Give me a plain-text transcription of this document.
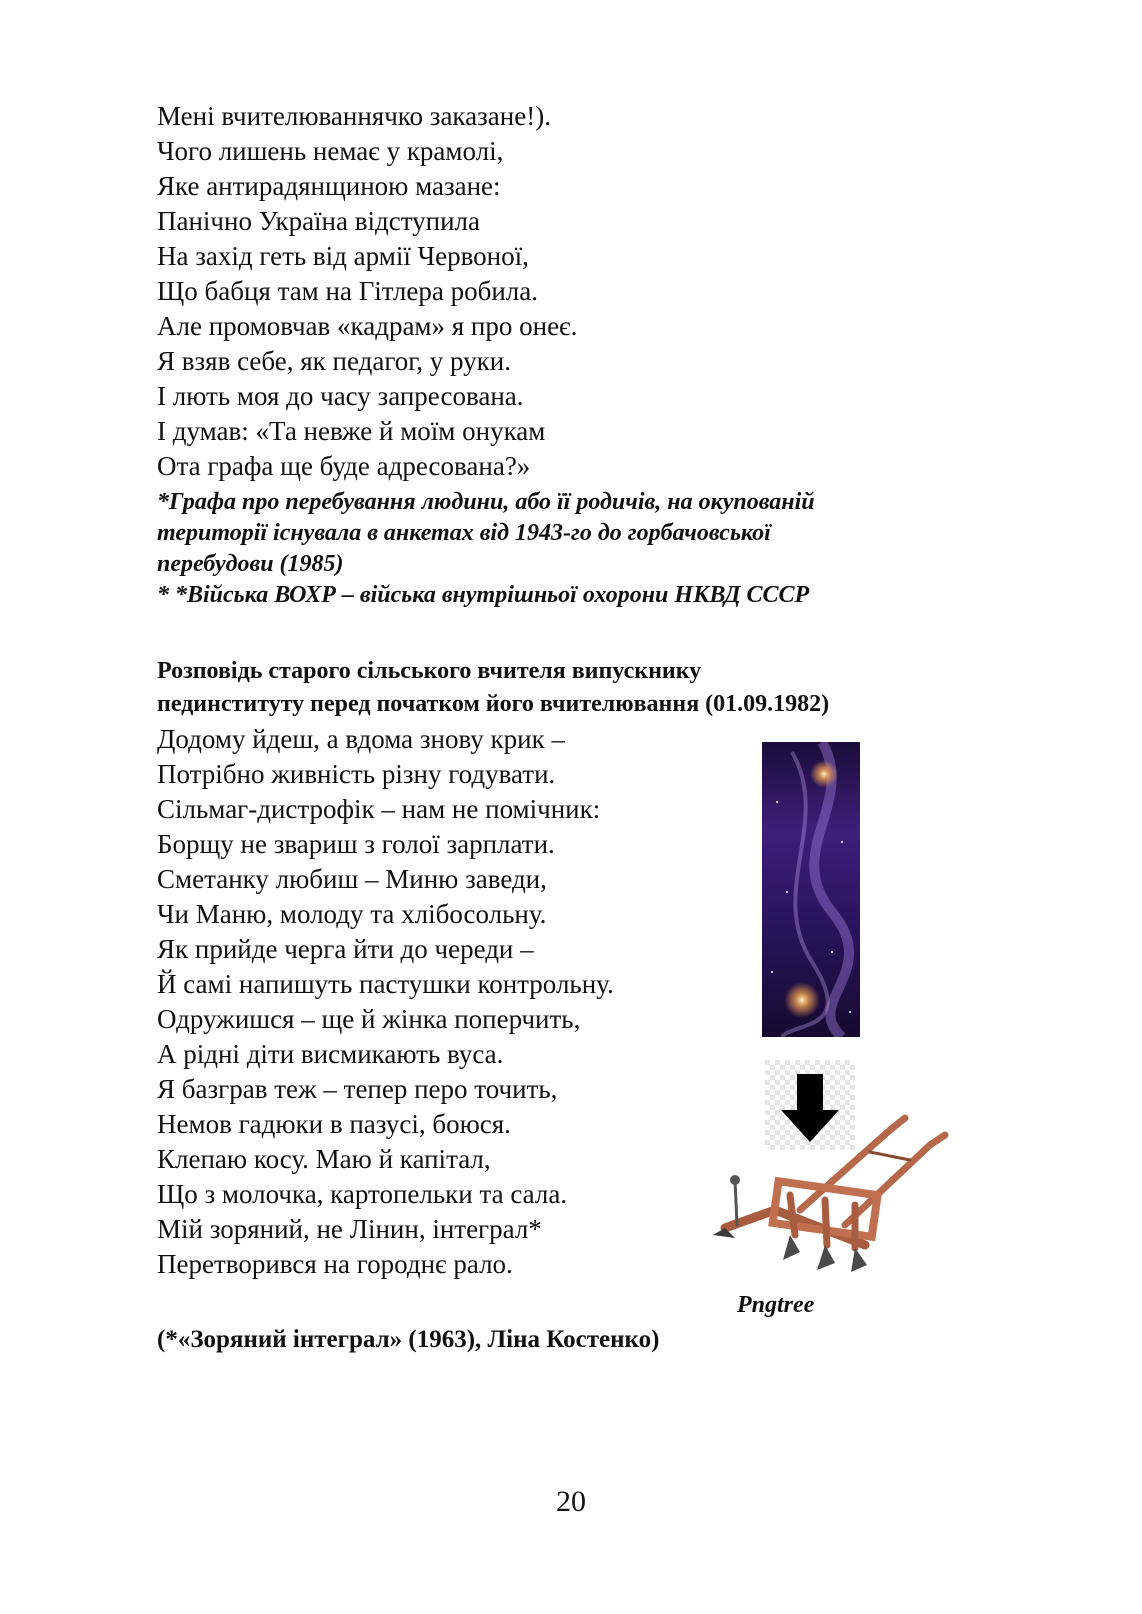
Мені вчителюваннячко заказане!).
Чого лишень немає у крамолі,
Яке антирадянщиною мазане:
Панічно Україна відступила
На захід геть від армії Червоної,
Що бабця там на Гітлера робила.
Але промовчав «кадрам» я про онеє.
Я взяв себе, як педагог, у руки.
І лють моя до часу запресована.
І думав: «Та невже й моїм онукам
Ота графа ще буде адресована?»
*Графа про перебування людини, або її родичів, на окупованій
території існувала в анкетах від 1943-го до горбачовської
перебудови (1985)
* *Війська ВОХР – війська внутрішньої охорони НКВД СССР
Розповідь старого сільського вчителя випускнику
пединституту перед початком його вчителювання (01.09.1982)
Додому йдеш, а вдома знову крик –
Потрібно живність різну годувати.
Сільмаг-дистрофік – нам не помічник:
Борщу не звариш з голої зарплати.
Сметанку любиш – Миню заведи,
Чи Маню, молоду та хлібосольну.
Як прийде черга йти до череди –
Й самі напишуть пастушки контрольну.
Одружишся – ще й жінка поперчить,
А рідні діти висмикають вуса.
Я базграв теж – тепер перо точить,
Немов гадюки в пазусі, боюся.
Клепаю косу. Маю й капітал,
Що з молочка, картопельки та сала.
Мій зоряний, не Лінин, інтеграл*
Перетворився на городнє рало.
Pngtree
(*«Зоряний інтеграл» (1963), Ліна Костенко)
20
